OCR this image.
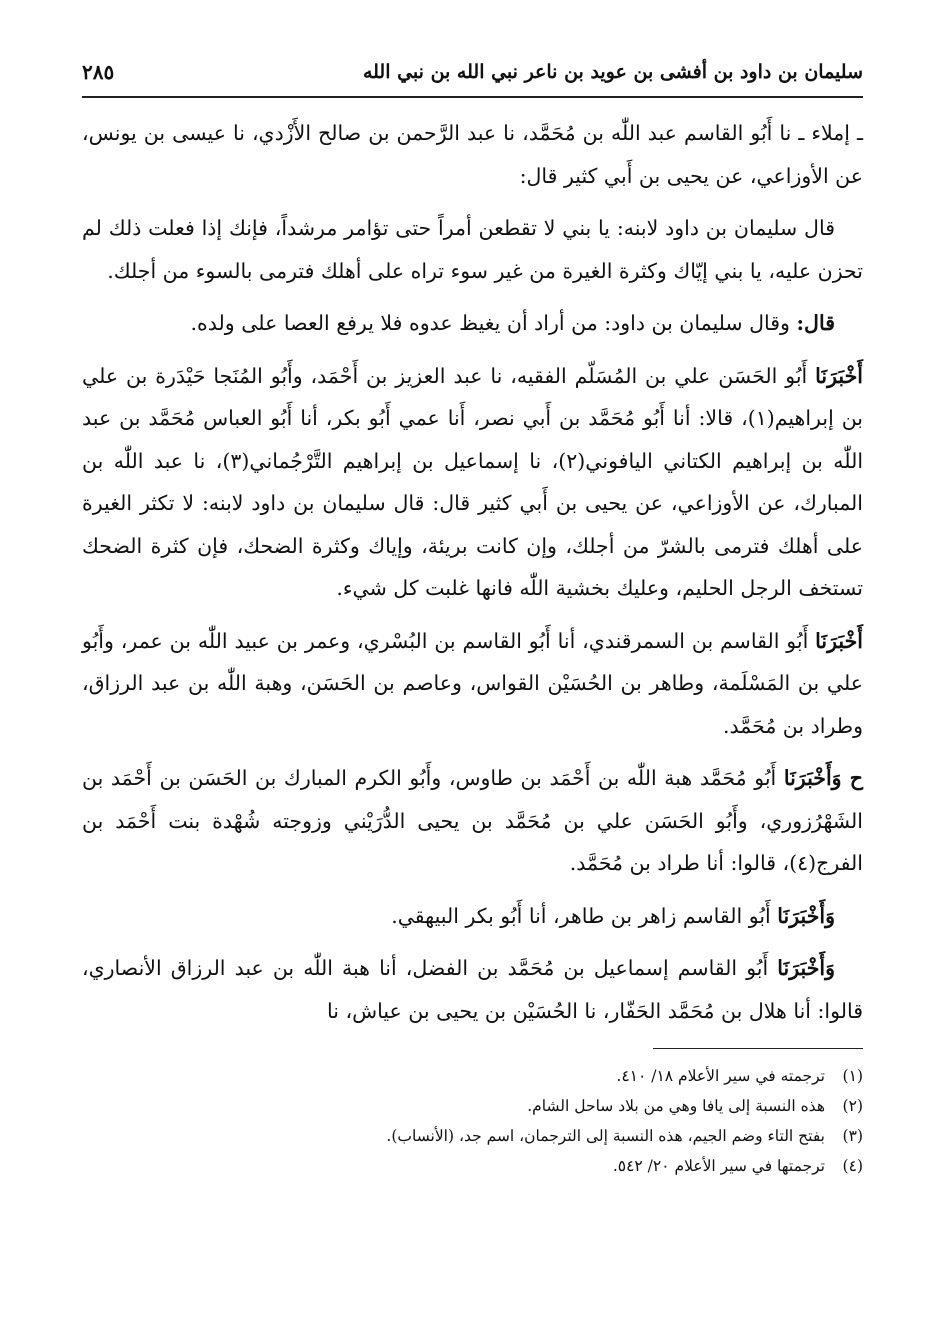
سليمان بن داود بن أفشى بن عويد بن ناعر نبي الله بن نبي الله
٢٨٥

ـ إملاء ـ نا أَبُو القاسم عبد اللّٰه بن مُحَمَّد، نا عبد الرَّحمن بن صالح الأَزْدي، نا عيسى بن يونس، عن الأوزاعي، عن يحيى بن أَبي كثير قال:

قال سليمان بن داود لابنه: يا بني لا تقطعن أمراً حتى تؤامر مرشداً، فإنك إذا فعلت ذلك لم تحزن عليه، يا بني إيّاك وكثرة الغيرة من غير سوء تراه على أهلك فترمى بالسوء من أجلك.

قال: وقال سليمان بن داود: من أراد أن يغيظ عدوه فلا يرفع العصا على ولده.

أَخْبَرَنَا أَبُو الحَسَن علي بن المُسَلّم الفقيه، نا عبد العزيز بن أَحْمَد، وأَبُو المُنَجا حَيْدَرة بن علي بن إبراهيم(١)، قالا: أنا أَبُو مُحَمَّد بن أَبي نصر، أَنا عمي أَبُو بكر، أنا أَبُو العباس مُحَمَّد بن عبد اللّٰه بن إبراهيم الكتاني اليافوني(٢)، نا إسماعيل بن إبراهيم التَّرْجُماني(٣)، نا عبد اللّٰه بن المبارك، عن الأوزاعي، عن يحيى بن أَبي كثير قال: قال سليمان بن داود لابنه: لا تكثر الغيرة على أهلك فترمى بالشرّ من أجلك، وإن كانت بريئة، وإياك وكثرة الضحك، فإن كثرة الضحك تستخف الرجل الحليم، وعليك بخشية اللّٰه فانها غلبت كل شيء.

أَخْبَرَنَا أَبُو القاسم بن السمرقندي، أنا أَبُو القاسم بن البُسْري، وعمر بن عبيد اللّٰه بن عمر، وأَبُو علي بن المَسْلَمة، وطاهر بن الحُسَيْن القواس، وعاصم بن الحَسَن، وهبة اللّٰه بن عبد الرزاق، وطراد بن مُحَمَّد.

ح وَأَخْبَرَنَا أَبُو مُحَمَّد هبة اللّٰه بن أَحْمَد بن طاوس، وأَبُو الكرم المبارك بن الحَسَن بن أَحْمَد بن الشَهْرُزوري، وأَبُو الحَسَن علي بن مُحَمَّد بن يحيى الدُّرَيْني وزوجته شُهْدة بنت أَحْمَد بن الفرج(٤)، قالوا: أنا طراد بن مُحَمَّد.

وَأَخْبَرَنَا أَبُو القاسم زاهر بن طاهر، أنا أَبُو بكر البيهقي.

وَأَخْبَرَنَا أَبُو القاسم إسماعيل بن مُحَمَّد بن الفضل، أنا هبة اللّٰه بن عبد الرزاق الأنصاري، قالوا: أنا هلال بن مُحَمَّد الحَفّار، نا الحُسَيْن بن يحيى بن عياش، نا

(١)
ترجمته في سير الأعلام ١٨/ ٤١٠.
(٢)
هذه النسبة إلى يافا وهي من بلاد ساحل الشام.
(٣)
بفتح التاء وضم الجيم، هذه النسبة إلى الترجمان، اسم جد، (الأنساب).
(٤)
ترجمتها في سير الأعلام ٢٠/ ٥٤٢.
